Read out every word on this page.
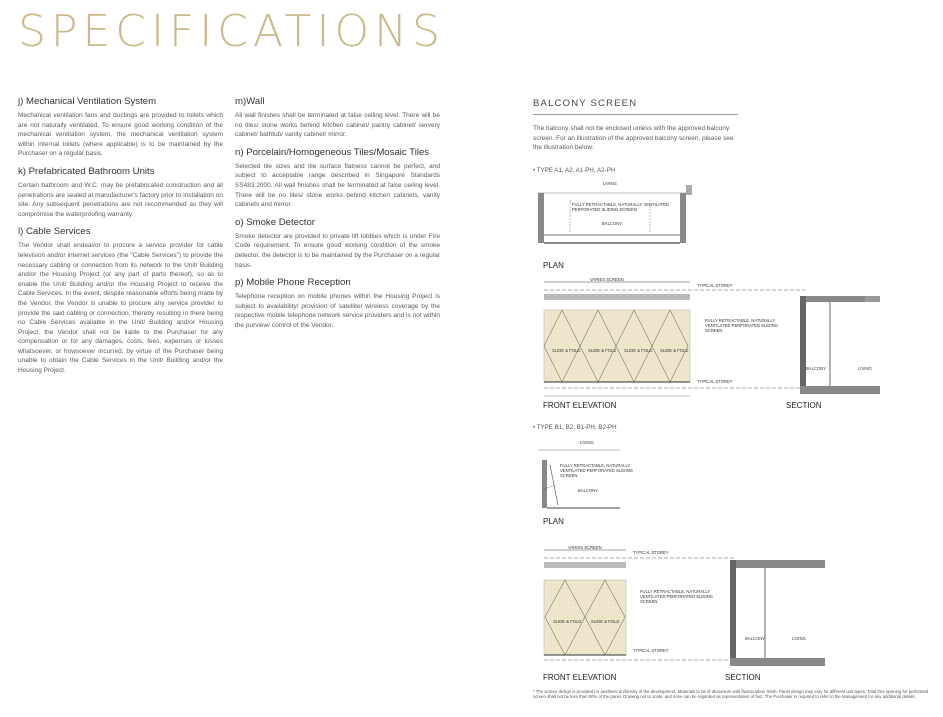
SPECIFICATIONS
j) Mechanical Ventilation System
Mechanical ventilation fans and ductings are provided to toilets which are not naturally ventilated. To ensure good working condition of the mechanical ventilation system, the mechanical ventilation system within internal toilets (where applicable) is to be maintained by the Purchaser on a regular basis.
k) Prefabricated Bathroom Units
Certain bathroom and W.C. may be prefabricated construction and all penetrations are sealed at manufacturer's factory prior to installation on site. Any subsequent penetrations are not recommended as they will compromise the waterproofing warranty.
l) Cable Services
The Vendor shall endeavor to procure a service provider for cable television and/or internet services (the "Cable Services") to provide the necessary cabling or connection from its network to the Unit/ Building and/or the Housing Project (or any part of parts thereof), so as to enable the Unit/ Building and/or the Housing Project to receive the Cable Services. In the event, despite reasonable efforts being made by the Vendor, the Vendor is unable to procure any service provider to provide the said cabling or connection, thereby resulting in there being no Cable Services available in the Unit/ Building and/or Housing Project, the Vendor shall not be liable to the Purchaser for any compensation or for any damages, costs, fees, expenses or losses whatsoever, or howsoever incurred, by virtue of the Purchaser being unable to obtain the Cable Services in the Unit/ Building and/or the Housing Project.
m)Wall
All wall finishes shall be terminated at false ceiling level. There will be no tiles/ stone works behind kitchen cabinet/ pantry cabinet/ servery cabinet/ bathtub/ vanity cabinet/ mirror.
n) Porcelain/Homogeneous Tiles/Mosaic Tiles
Selected tile sizes and tile surface flatness cannot be perfect, and subject to acceptable range described in Singapore Standards SS483:2000. All wall finishes shall be terminated at false ceiling level. There will be no tiles/ stone works behind kitchen cabinets, vanity cabinets and mirror.
o) Smoke Detector
Smoke detector are provided to private lift lobbies which is under Fire Code requirement. To ensure good working condition of the smoke detector, the detector is to be maintained by the Purchaser on a regular basis.
p) Mobile Phone Reception
Telephone reception on mobile phones within the Housing Project is subject to availability/ provision of satellite/ wireless coverage by the respective mobile telephone network service providers and is not within the purview/ control of the Vendor.
BALCONY SCREEN
The balcony shall not be enclosed unless with the approved balcony screen. For an illustration of the approved balcony screen, please see the illustration below:
• TYPE A1, A2, A1-PH, A2-PH
LIVING
FULLY RETRACTABLE, NATURALLY VENTILATED PERFORATED SLIDING SCREEN
BALCONY
PLAN
VARIES SCREEN
TYPICAL STOREY
FULLY RETRACTABLE, NATURALLY VENTILATED PERFORATED SLIDING SCREEN
SLIDE & FOLD SLIDE & FOLD SLIDE & FOLD SLIDE & FOLD
TYPICAL STOREY
FRONT ELEVATION
BALCONY	LIVING
SECTION
• TYPE B1, B2, B1-PH, B2-PH
LIVING
FULLY RETRACTABLE, NATURALLY VENTILATED PERFORATED SLIDING SCREEN
BALCONY
PLAN
VARIES SCREEN
TYPICAL STOREY
FULLY RETRACTABLE, NATURALLY VENTILATED PERFORATED SLIDING SCREEN
SLIDE & FOLD SLIDE & FOLD
TYPICAL STOREY
FRONT ELEVATION
BALCONY	LIVING
SECTION
* The screen design is provided for aesthetic uniformity of the development. Materials to be of aluminium with fluorocarbon finish. Panel design may vary for different unit types. Total free opening for perforated screen shall not be less than 50% of the panel. Drawing not to scale, and none can be regarded as representation of fact. The Purchaser is required to refer to the Management for any additional details.
